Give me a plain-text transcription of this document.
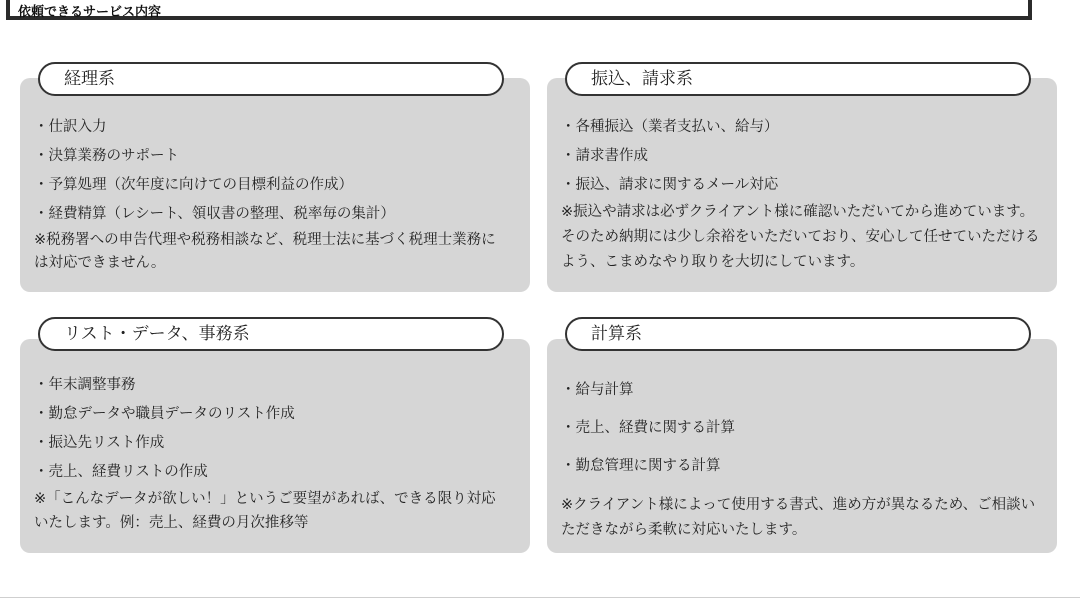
依頼できるサービス内容
・仕訳入力
・決算業務のサポート
・予算処理（次年度に向けての目標利益の作成）
・経費精算（レシート、領収書の整理、税率毎の集計）
※税務署への申告代理や税務相談など、税理士法に基づく税理士業務には対応できません。
経理系
・各種振込（業者支払い、給与）
・請求書作成
・振込、請求に関するメール対応
※振込や請求は必ずクライアント様に確認いただいてから進めています。そのため納期には少し余裕をいただいており、安心して任せていただけるよう、こまめなやり取りを大切にしています。
振込、請求系
・年末調整事務
・勤怠データや職員データのリスト作成
・振込先リスト作成
・売上、経費リストの作成
※「こんなデータが欲しい！」というご要望があれば、できる限り対応いたします。例：売上、経費の月次推移等
リスト・データ、事務系
・給与計算
・売上、経費に関する計算
・勤怠管理に関する計算
※クライアント様によって使用する書式、進め方が異なるため、ご相談いただきながら柔軟に対応いたします。
計算系
